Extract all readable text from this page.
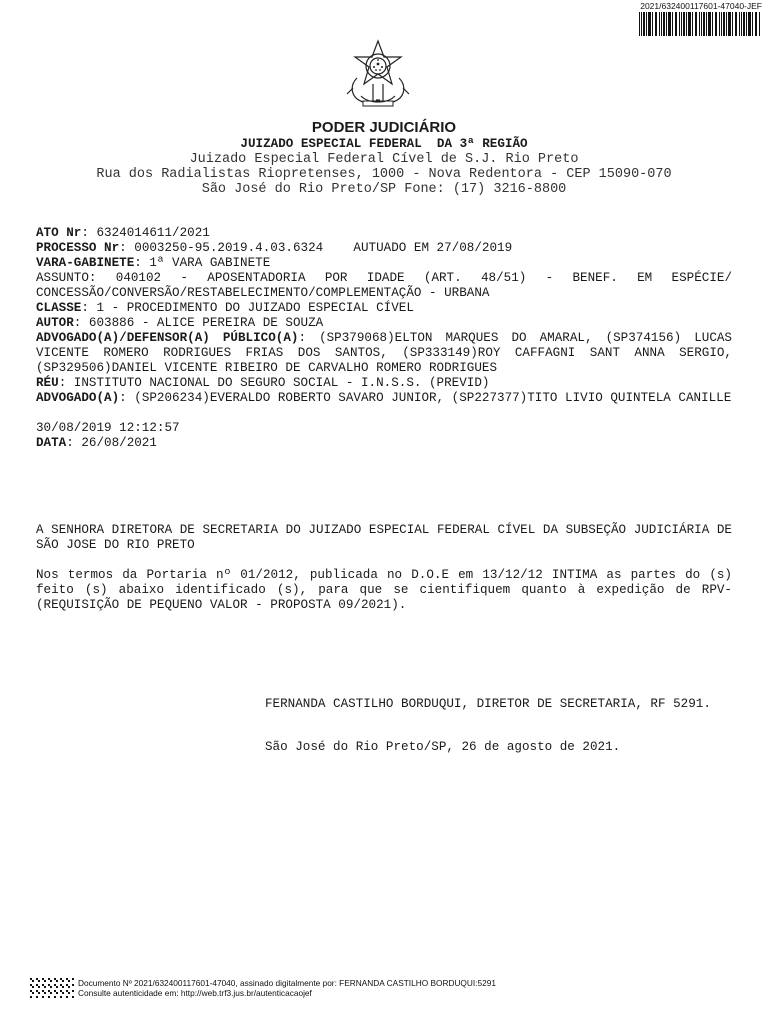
2021/632400117601-47040-JEF
PODER JUDICIÁRIO
JUIZADO ESPECIAL FEDERAL  DA 3ª REGIÃO
Juizado Especial Federal Cível de S.J. Rio Preto
Rua dos Radialistas Riopretenses, 1000 - Nova Redentora - CEP 15090-070
São José do Rio Preto/SP Fone: (17) 3216-8800
ATO Nr: 6324014611/2021
PROCESSO Nr: 0003250-95.2019.4.03.6324    AUTUADO EM 27/08/2019
VARA-GABINETE: 1ª VARA GABINETE
ASSUNTO: 040102 - APOSENTADORIA POR IDADE (ART. 48/51) - BENEF. EM ESPÉCIE/ CONCESSÃO/CONVERSÃO/RESTABELECIMENTO/COMPLEMENTAÇÃO - URBANA
CLASSE: 1 - PROCEDIMENTO DO JUIZADO ESPECIAL CÍVEL
AUTOR: 603886 - ALICE PEREIRA DE SOUZA
ADVOGADO(A)/DEFENSOR(A) PÚBLICO(A): (SP379068)ELTON MARQUES DO AMARAL, (SP374156) LUCAS VICENTE ROMERO RODRIGUES FRIAS DOS SANTOS, (SP333149)ROY CAFFAGNI SANT ANNA SERGIO, (SP329506)DANIEL VICENTE RIBEIRO DE CARVALHO ROMERO RODRIGUES
RÉU: INSTITUTO NACIONAL DO SEGURO SOCIAL - I.N.S.S. (PREVID)
ADVOGADO(A): (SP206234)EVERALDO ROBERTO SAVARO JUNIOR, (SP227377)TITO LIVIO QUINTELA CANILLE
30/08/2019 12:12:57
DATA: 26/08/2021
A SENHORA DIRETORA DE SECRETARIA DO JUIZADO ESPECIAL FEDERAL CÍVEL DA SUBSEÇÃO JUDICIÁRIA DE SÃO JOSE DO RIO PRETO
Nos termos da Portaria nº 01/2012, publicada no D.O.E em 13/12/12 INTIMA as partes do (s) feito (s) abaixo identificado (s), para que se cientifiquem quanto à expedição de RPV- (REQUISIÇÃO DE PEQUENO VALOR - PROPOSTA 09/2021).
FERNANDA CASTILHO BORDUQUI, DIRETOR DE SECRETARIA, RF 5291.
São José do Rio Preto/SP, 26 de agosto de 2021.
Documento Nº 2021/632400117601-47040, assinado digitalmente por: FERNANDA CASTILHO BORDUQUI:5291
Consulte autenticidade em: http://web.trf3.jus.br/autenticacaojef
